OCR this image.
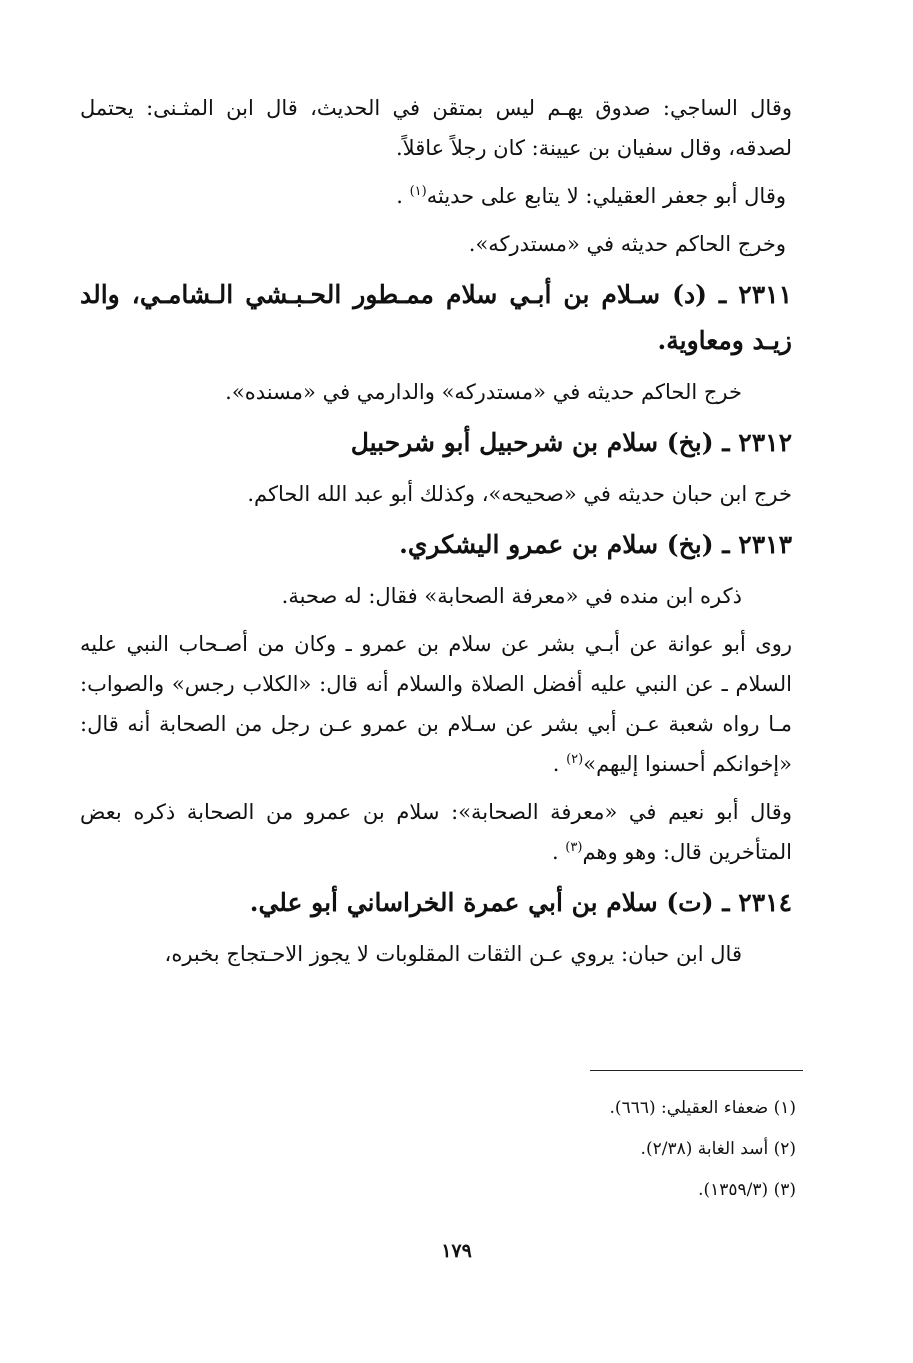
وقال الساجي: صدوق يهـم ليس بمتقن في الحديث، قال ابن المثـنى: يحتمل لصدقه، وقال سفيان بن عيينة: كان رجلاً عاقلاً.

وقال أبو جعفر العقيلي: لا يتابع على حديثه$^{(١)}$ .

وخرج الحاكم حديثه في «مستدركه».

٢٣١١ ـ (د) سـلام بن أبـي سلام ممـطور الحـبـشي الـشامـي، والد زيـد ومعاوية.

خرج الحاكم حديثه في «مستدركه» والدارمي في «مسنده».

٢٣١٢ ـ (بخ) سلام بن شرحبيل أبو شرحبيل

خرج ابن حبان حديثه في «صحيحه»، وكذلك أبو عبد الله الحاكم.

٢٣١٣ ـ (بخ) سلام بن عمرو اليشكري.

ذكره ابن منده في «معرفة الصحابة» فقال: له صحبة.

روى أبو عوانة عن أبـي بشر عن سلام بن عمرو ـ وكان من أصـحاب النبي عليه السلام ـ عن النبي عليه أفضل الصلاة والسلام أنه قال: «الكلاب رجس» والصواب: مـا رواه شعبة عـن أبي بشر عن سـلام بن عمرو عـن رجل من الصحابة أنه قال: «إخوانكم أحسنوا إليهم»$^{(٢)}$ .

وقال أبو نعيم في «معرفة الصحابة»: سلام بن عمرو من الصحابة ذكره بعض المتأخرين قال: وهو وهم$^{(٣)}$ .

٢٣١٤ ـ (ت) سلام بن أبي عمرة الخراساني أبو علي.

قال ابن حبان: يروي عـن الثقات المقلوبات لا يجوز الاحـتجاج بخبره،

(١) ضعفاء العقيلي: (٦٦٦).

(٢) أسد الغابة (٢/٣٨).

(٣) (١٣٥٩/٣).

١٧٩
